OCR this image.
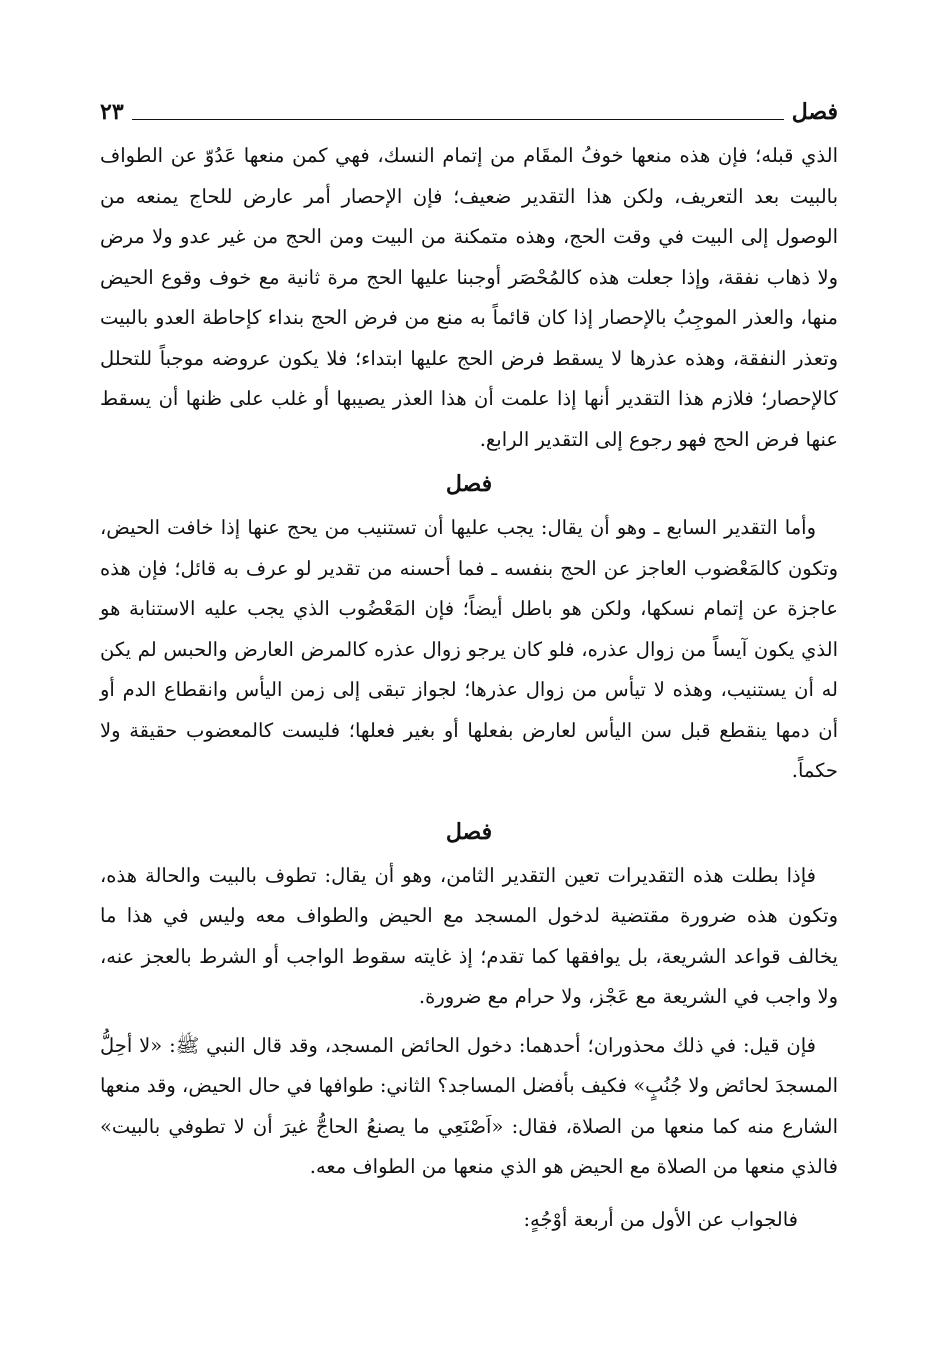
فصل
٢٣

الذي قبله؛ فإن هذه منعها خوفُ المقَام من إتمام النسك، فهي كمن منعها عَدُوّ عن الطواف بالبيت بعد التعريف، ولكن هذا التقدير ضعيف؛ فإن الإحصار أمر عارض للحاج يمنعه من الوصول إلى البيت في وقت الحج، وهذه متمكنة من البيت ومن الحج من غير عدو ولا مرض ولا ذهاب نفقة، وإذا جعلت هذه كالمُحْصَر أوجبنا عليها الحج مرة ثانية مع خوف وقوع الحيض منها، والعذر الموجِبُ بالإحصار إذا كان قائماً به منع من فرض الحج بنداء كإحاطة العدو بالبيت وتعذر النفقة، وهذه عذرها لا يسقط فرض الحج عليها ابتداء؛ فلا يكون عروضه موجباً للتحلل كالإحصار؛ فلازم هذا التقدير أنها إذا علمت أن هذا العذر يصيبها أو غلب على ظنها أن يسقط عنها فرض الحج فهو رجوع إلى التقدير الرابع.

فصل

وأما التقدير السابع ـ وهو أن يقال: يجب عليها أن تستنيب من يحج عنها إذا خافت الحيض، وتكون كالمَعْضوب العاجز عن الحج بنفسه ـ فما أحسنه من تقدير لو عرف به قائل؛ فإن هذه عاجزة عن إتمام نسكها، ولكن هو باطل أيضاً؛ فإن المَعْضُوب الذي يجب عليه الاستنابة هو الذي يكون آيساً من زوال عذره، فلو كان يرجو زوال عذره كالمرض العارض والحبس لم يكن له أن يستنيب، وهذه لا تيأس من زوال عذرها؛ لجواز تبقى إلى زمن اليأس وانقطاع الدم أو أن دمها ينقطع قبل سن اليأس لعارض بفعلها أو بغير فعلها؛ فليست كالمعضوب حقيقة ولا حكماً.

فصل

فإذا بطلت هذه التقديرات تعين التقدير الثامن، وهو أن يقال: تطوف بالبيت والحالة هذه، وتكون هذه ضرورة مقتضية لدخول المسجد مع الحيض والطواف معه وليس في هذا ما يخالف قواعد الشريعة، بل يوافقها كما تقدم؛ إذ غايته سقوط الواجب أو الشرط بالعجز عنه، ولا واجب في الشريعة مع عَجْز، ولا حرام مع ضرورة.

فإن قيل: في ذلك محذوران؛ أحدهما: دخول الحائض المسجد، وقد قال النبي ﷺ: «لا أحِلُّ المسجدَ لحائض ولا جُنُبٍ» فكيف بأفضل المساجد؟ الثاني: طوافها في حال الحيض، وقد منعها الشارع منه كما منعها من الصلاة، فقال: «اَصْنَعِي ما يصنعُ الحاجُّ غيرَ أن لا تطوفي بالبيت» فالذي منعها من الصلاة مع الحيض هو الذي منعها من الطواف معه.

فالجواب عن الأول من أربعة أوْجُهٍ:
